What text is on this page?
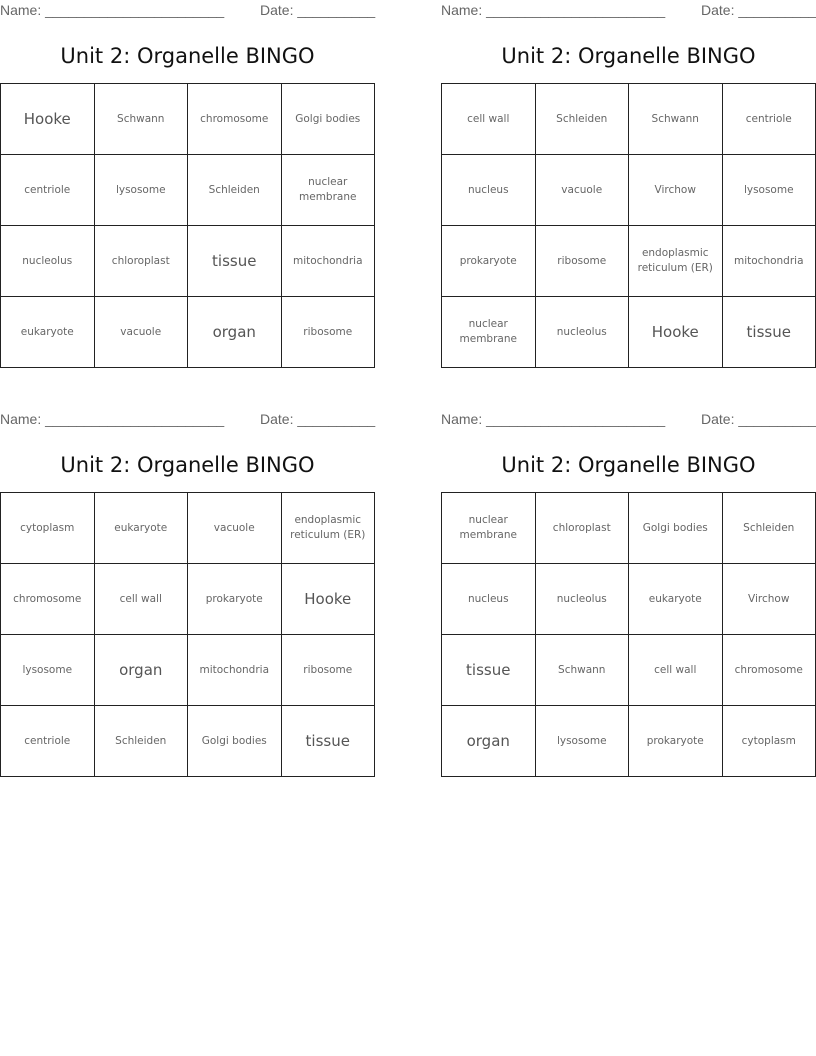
Name: _______________________	Date: __________
Unit 2: Organelle BINGO
Hooke	Schwann	chromosome	Golgi bodies
centriole	lysosome	Schleiden	nuclear membrane
nucleolus	chloroplast	tissue	mitochondria
eukaryote	vacuole	organ	ribosome
Name: _______________________	Date: __________
Unit 2: Organelle BINGO
cell wall	Schleiden	Schwann	centriole
nucleus	vacuole	Virchow	lysosome
prokaryote	ribosome	endoplasmic reticulum (ER)	mitochondria
nuclear membrane	nucleolus	Hooke	tissue
Name: _______________________	Date: __________
Unit 2: Organelle BINGO
cytoplasm	eukaryote	vacuole	endoplasmic reticulum (ER)
chromosome	cell wall	prokaryote	Hooke
lysosome	organ	mitochondria	ribosome
centriole	Schleiden	Golgi bodies	tissue
Name: _______________________	Date: __________
Unit 2: Organelle BINGO
nuclear membrane	chloroplast	Golgi bodies	Schleiden
nucleus	nucleolus	eukaryote	Virchow
tissue	Schwann	cell wall	chromosome
organ	lysosome	prokaryote	cytoplasm
